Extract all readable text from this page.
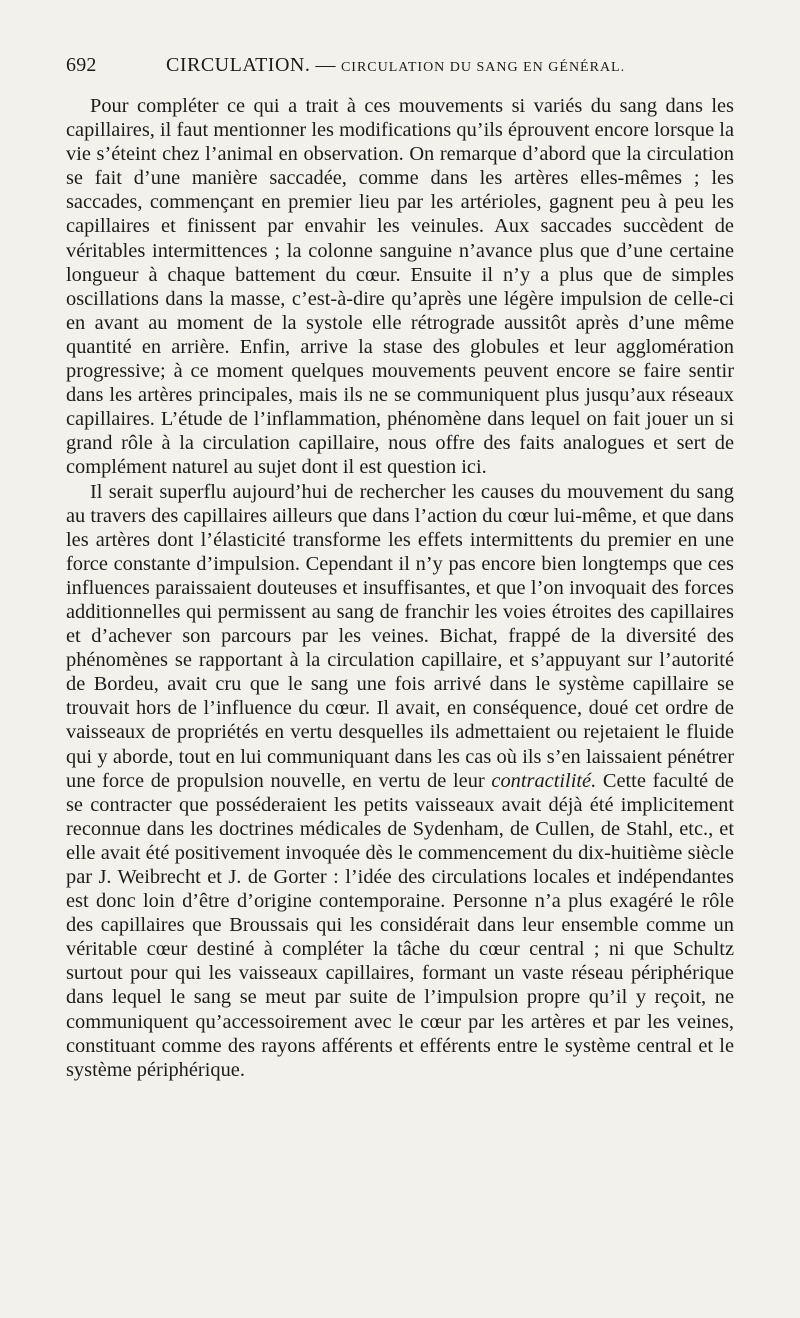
692	CIRCULATION. — CIRCULATION DU SANG EN GÉNÉRAL.

Pour compléter ce qui a trait à ces mouvements si variés du sang dans les capillaires, il faut mentionner les modifications qu’ils éprouvent encore lorsque la vie s’éteint chez l’animal en observation. On remarque d’abord que la circulation se fait d’une manière saccadée, comme dans les artères elles-mêmes ; les saccades, commençant en premier lieu par les artérioles, gagnent peu à peu les capillaires et finissent par envahir les veinules. Aux saccades succèdent de véritables intermittences ; la colonne sanguine n’avance plus que d’une certaine longueur à chaque battement du cœur. Ensuite il n’y a plus que de simples oscillations dans la masse, c’est-à-dire qu’après une légère impulsion de celle-ci en avant au moment de la systole elle rétrograde aussitôt après d’une même quantité en arrière. Enfin, arrive la stase des globules et leur agglomération progressive; à ce moment quelques mouvements peuvent encore se faire sentir dans les artères principales, mais ils ne se communiquent plus jusqu’aux réseaux capillaires. L’étude de l’inflammation, phénomène dans lequel on fait jouer un si grand rôle à la circulation capillaire, nous offre des faits analogues et sert de complément naturel au sujet dont il est question ici.

Il serait superflu aujourd’hui de rechercher les causes du mouvement du sang au travers des capillaires ailleurs que dans l’action du cœur lui-même, et que dans les artères dont l’élasticité transforme les effets intermittents du premier en une force constante d’impulsion. Cependant il n’y pas encore bien longtemps que ces influences paraissaient douteuses et insuffisantes, et que l’on invoquait des forces additionnelles qui permissent au sang de franchir les voies étroites des capillaires et d’achever son parcours par les veines. Bichat, frappé de la diversité des phénomènes se rapportant à la circulation capillaire, et s’appuyant sur l’autorité de Bordeu, avait cru que le sang une fois arrivé dans le système capillaire se trouvait hors de l’influence du cœur. Il avait, en conséquence, doué cet ordre de vaisseaux de propriétés en vertu desquelles ils admettaient ou rejetaient le fluide qui y aborde, tout en lui communiquant dans les cas où ils s’en laissaient pénétrer une force de propulsion nouvelle, en vertu de leur contractilité. Cette faculté de se contracter que posséderaient les petits vaisseaux avait déjà été implicitement reconnue dans les doctrines médicales de Sydenham, de Cullen, de Stahl, etc., et elle avait été positivement invoquée dès le commencement du dix-huitième siècle par J. Weibrecht et J. de Gorter : l’idée des circulations locales et indépendantes est donc loin d’être d’origine contemporaine. Personne n’a plus exagéré le rôle des capillaires que Broussais qui les considérait dans leur ensemble comme un véritable cœur destiné à compléter la tâche du cœur central ; ni que Schultz surtout pour qui les vaisseaux capillaires, formant un vaste réseau périphérique dans lequel le sang se meut par suite de l’impulsion propre qu’il y reçoit, ne communiquent qu’accessoirement avec le cœur par les artères et par les veines, constituant comme des rayons afférents et efférents entre le système central et le système périphérique.
